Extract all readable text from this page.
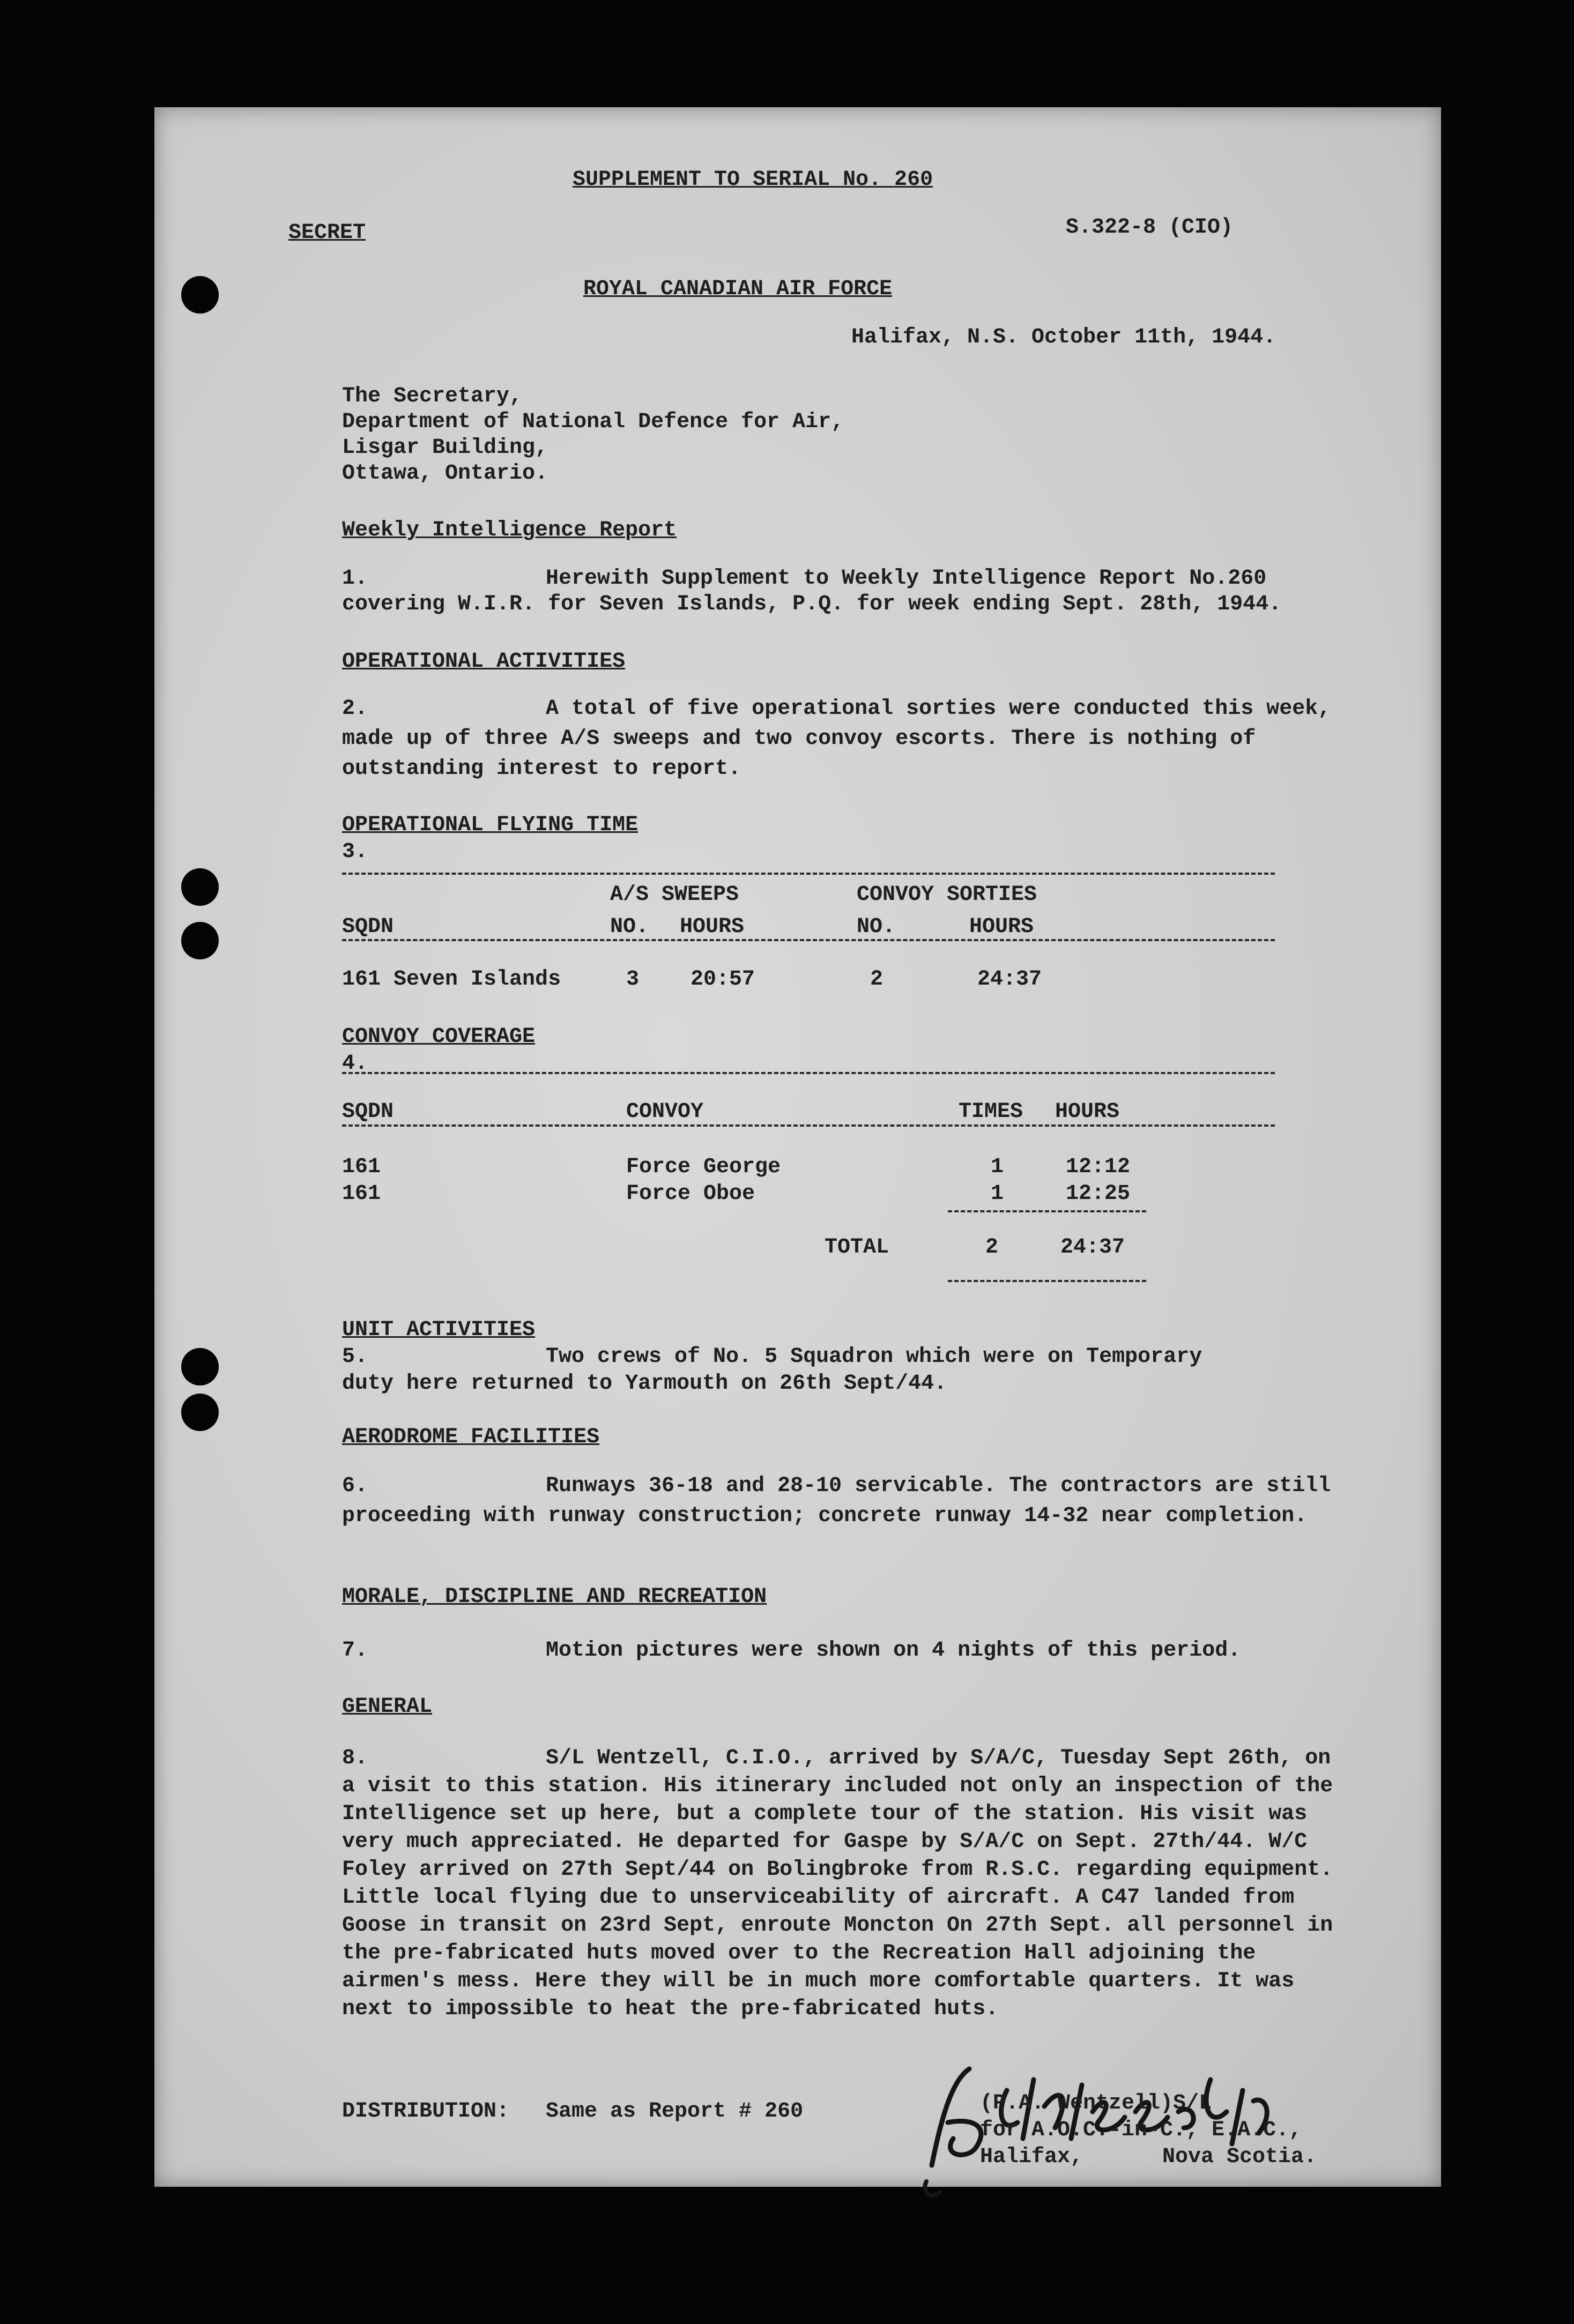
SUPPLEMENT TO SERIAL No. 260
SECRET	S.322-8 (CIO)
ROYAL CANADIAN AIR FORCE
Halifax, N.S. October 11th, 1944.
The Secretary,
Department of National Defence for Air,
Lisgar Building,
Ottawa, Ontario.
Weekly Intelligence Report
1.	Herewith Supplement to Weekly Intelligence Report No.260
covering W.I.R. for Seven Islands, P.Q. for week ending Sept. 28th, 1944.
OPERATIONAL ACTIVITIES
2.	A total of five operational sorties were conducted this week, made up of three A/S sweeps and two convoy escorts. There is nothing of outstanding interest to report.
OPERATIONAL FLYING TIME
3.
A/S SWEEPS	CONVOY SORTIES
SQDN	NO. HOURS	NO.	HOURS
161 Seven Islands	3 20:57	2	24:37
CONVOY COVERAGE
4.
SQDN	CONVOY	TIMES HOURS
161	Force George	1	12:12
161	Force Oboe	1	12:25
TOTAL	2	24:37
UNIT ACTIVITIES
5.	Two crews of No. 5 Squadron which were on Temporary
duty here returned to Yarmouth on 26th Sept/44.
AERODROME FACILITIES
6.	Runways 36-18 and 28-10 servicable. The contractors are still proceeding with runway construction; concrete runway 14-32 near completion.
MORALE, DISCIPLINE AND RECREATION
7.	Motion pictures were shown on 4 nights of this period.
GENERAL
8.	S/L Wentzell, C.I.O., arrived by S/A/C, Tuesday Sept 26th, on a visit to this station. His itinerary included not only an inspection of the Intelligence set up here, but a complete tour of the station. His visit was very much appreciated. He departed for Gaspe by S/A/C on Sept. 27th/44. W/C Foley arrived on 27th Sept/44 on Bolingbroke from R.S.C. regarding equipment. Little local flying due to unserviceability of aircraft. A C47 landed from Goose in transit on 23rd Sept, enroute Moncton On 27th Sept. all personnel in the pre-fabricated huts moved over to the Recreation Hall adjoining the airmen's mess. Here they will be in much more comfortable quarters. It was next to impossible to heat the pre-fabricated huts.
DISTRIBUTION: Same as Report # 260	(P.A. Wentzell)S/L
for A.O.C.-in-C., E.A.C.,
Halifax,	Nova Scotia.
